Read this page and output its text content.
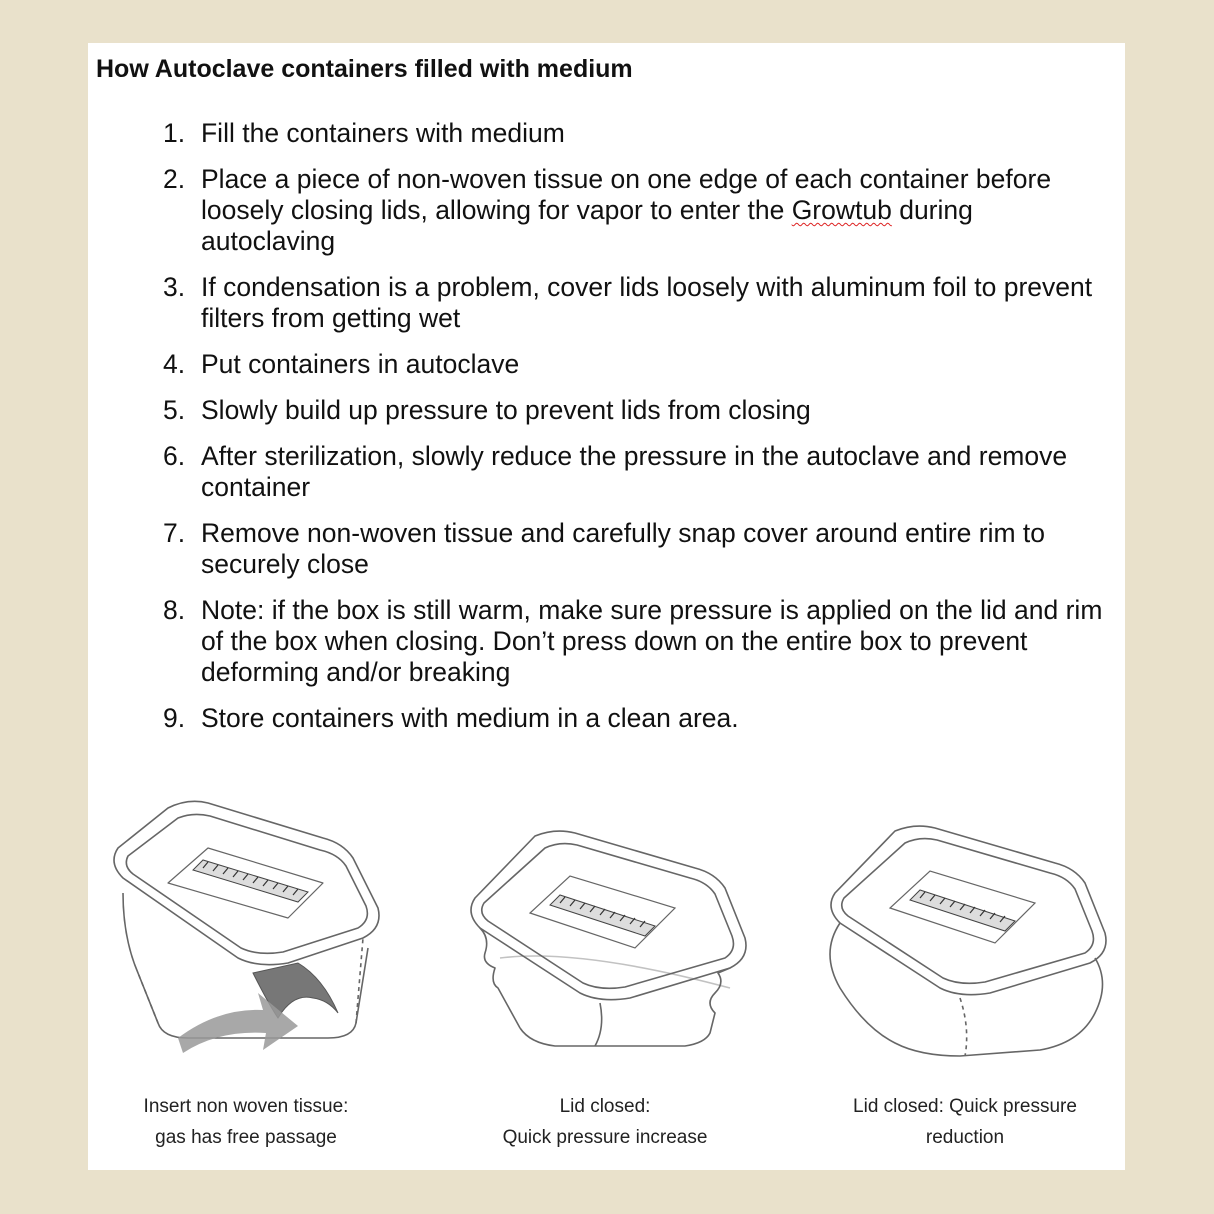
How Autoclave containers filled with medium
1. Fill the containers with medium
2. Place a piece of non-woven tissue on one edge of each container before loosely closing lids, allowing for vapor to enter the Growtub during autoclaving
3. If condensation is a problem, cover lids loosely with aluminum foil to prevent filters from getting wet
4. Put containers in autoclave
5. Slowly build up pressure to prevent lids from closing
6. After sterilization, slowly reduce the pressure in the autoclave and remove container
7. Remove non-woven tissue and carefully snap cover around entire rim to securely close
8. Note: if the box is still warm, make sure pressure is applied on the lid and rim of the box when closing. Don’t press down on the entire box to prevent deforming and/or breaking
9. Store containers with medium in a clean area.
Insert non woven tissue:
gas has free passage
Lid closed:
Quick pressure increase
Lid closed: Quick pressure
reduction
